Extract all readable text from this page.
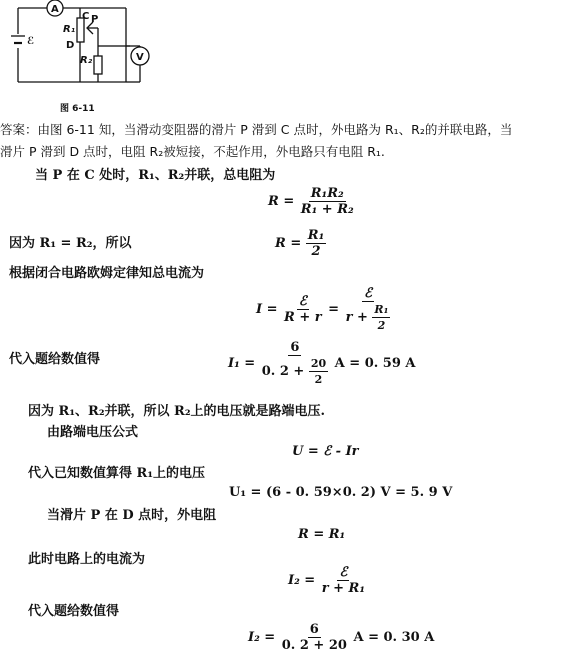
A
V
C P
D
R₁
R₂
ℰ
图 6-11
答案：由图 6-11 知，当滑动变阻器的滑片 P 滑到 C 点时，外电路为 R₁、R₂的并联电路，当
滑片 P 滑到 D 点时，电阻 R₂被短接，不起作用，外电路只有电阻 R₁.
当 P 在 C 处时，R₁、R₂并联，总电阻为
$R = \frac{\text{R₁R₂}}{\text{R₁ + R₂}}$
因为 R₁ = R₂，所以	$R = \frac{\text{R₁}}{2}$
根据闭合电路欧姆定律知总电流为
$I = \frac{\text{ℰ}}{R + r} = \frac{\text{ℰ}}{r + \frac{\text{R₁}}{2}}$
代入题给数值得	$I_1 = \frac{6}{0. 2 + \frac{20}{2}}$ A = 0. 59 A
因为 R₁、R₂并联，所以 R₂上的电压就是路端电压.
由路端电压公式
U = ℰ - Ir
代入已知数值算得 R₁上的电压
U₁ = (6 - 0. 59×0. 2) V = 5. 9 V
当滑片 P 在 D 点时，外电阻
R = R₁
此时电路上的电流为
$I_2 = \frac{\text{ℰ}}{\text{r + R₁}}$
代入题给数值得
$I_2 = \frac{6}{0. 2 + 20}$ A = 0. 30 A
